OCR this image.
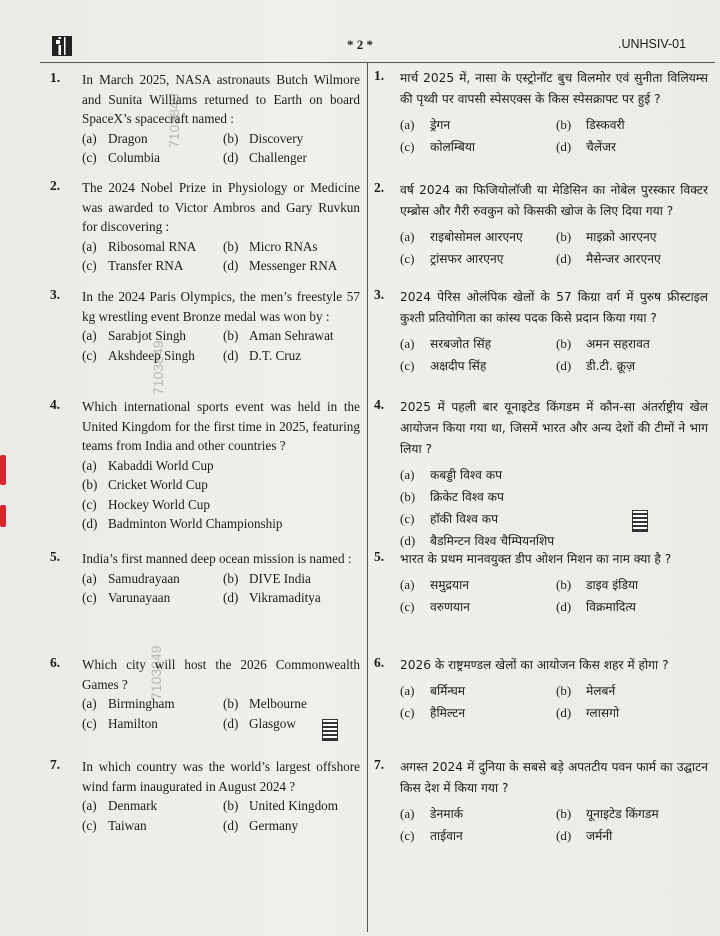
* 2 *	.UNHSIV-01
7103849
7103849
7103849
1.	1.
In March 2025, NASA astronauts Butch Wilmore and Sunita Williams returned to Earth on board SpaceX’s spacecraft named :
(a) Dragon	(b) Discovery
(c) Columbia	(d) Challenger
मार्च 2025 में, नासा के एस्ट्रोनॉट बुच विलमोर एवं सुनीता विलियम्स की पृथ्वी पर वापसी स्पेसएक्स के किस स्पेसक्राफ्ट पर हुई ?
(a) ड्रेगन	(b) डिस्कवरी
(c) कोलम्बिया	(d) चैलेंजर
2.	2.
The 2024 Nobel Prize in Physiology or Medicine was awarded to Victor Ambros and Gary Ruvkun for discovering :
(a) Ribosomal RNA	(b) Micro RNAs
(c) Transfer RNA	(d) Messenger RNA
वर्ष 2024 का फिजियोलॉजी या मेडिसिन का नोबेल पुरस्कार विक्टर एम्ब्रोस और गैरी रुवकुन को किसकी खोज के लिए दिया गया ?
(a) राइबोसोमल आरएनए	(b) माइक्रो आरएनए
(c) ट्रांसफर आरएनए	(d) मैसेन्जर आरएनए
3.	3.
In the 2024 Paris Olympics, the men’s freestyle 57 kg wrestling event Bronze medal was won by :
(a) Sarabjot Singh	(b) Aman Sehrawat
(c) Akshdeep Singh	(d) D.T. Cruz
2024 पेरिस ओलंपिक खेलों के 57 किग्रा वर्ग में पुरुष फ्रीस्टाइल कुश्ती प्रतियोगिता का कांस्य पदक किसे प्रदान किया गया ?
(a) सरबजोत सिंह	(b) अमन सहरावत
(c) अक्षदीप सिंह	(d) डी.टी. क्रूज़
4.	4.
Which international sports event was held in the United Kingdom for the first time in 2025, featuring teams from India and other countries ?
(a) Kabaddi World Cup
(b) Cricket World Cup
(c) Hockey World Cup
(d) Badminton World Championship
2025 में पहली बार यूनाइटेड किंगडम में कौन-सा अंतर्राष्ट्रीय खेल आयोजन किया गया था, जिसमें भारत और अन्य देशों की टीमों ने भाग लिया ?
(a) कबड्डी विश्व कप
(b) क्रिकेट विश्व कप
(c) हॉकी विश्व कप
(d) बैडमिन्टन विश्व चैम्पियनशिप
5.	5.
India’s first manned deep ocean mission is named :
(a) Samudrayaan	(b) DIVE India
(c) Varunayaan	(d) Vikramaditya
भारत के प्रथम मानवयुक्त डीप ओशन मिशन का नाम क्या है ?
(a) समुद्रयान	(b) डाइव इंडिया
(c) वरुणयान	(d) विक्रमादित्य
6.	6.
Which city will host the 2026 Commonwealth Games ?
(a) Birmingham	(b) Melbourne
(c) Hamilton	(d) Glasgow
2026 के राष्ट्रमण्डल खेलों का आयोजन किस शहर में होगा ?
(a) बर्मिन्घम	(b) मेलबर्न
(c) हैमिल्टन	(d) ग्लासगो
7.	7.
In which country was the world’s largest offshore wind farm inaugurated in August 2024 ?
(a) Denmark	(b) United Kingdom
(c) Taiwan	(d) Germany
अगस्त 2024 में दुनिया के सबसे बड़े अपतटीय पवन फार्म का उद्घाटन किस देश में किया गया ?
(a) डेनमार्क	(b) यूनाइटेड किंगडम
(c) ताईवान	(d) जर्मनी
